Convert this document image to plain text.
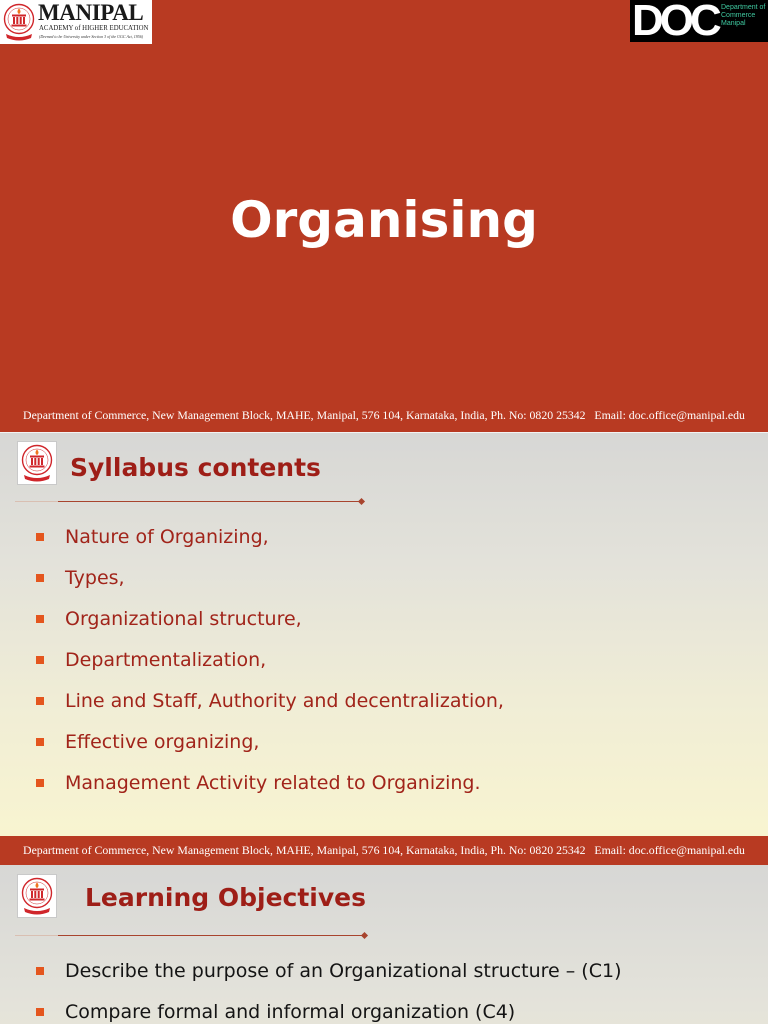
MANIPAL
ACADEMY of HIGHER EDUCATION
(Deemed to be University under Section 3 of the UGC Act, 1956)	DOC Department of
Commerce
Manipal
Organising
Department of Commerce, New Management Block, MAHE, Manipal, 576 104, Karnataka, India, Ph. No: 0820 25342   Email: doc.office@manipal.edu
Syllabus contents
Nature of Organizing,
Types,
Organizational structure,
Departmentalization,
Line and Staff, Authority and decentralization,
Effective organizing,
Management Activity related to Organizing.
Department of Commerce, New Management Block, MAHE, Manipal, 576 104, Karnataka, India, Ph. No: 0820 25342   Email: doc.office@manipal.edu
Learning Objectives
Describe the purpose of an Organizational structure – (C1)
Compare formal and informal organization (C4)
